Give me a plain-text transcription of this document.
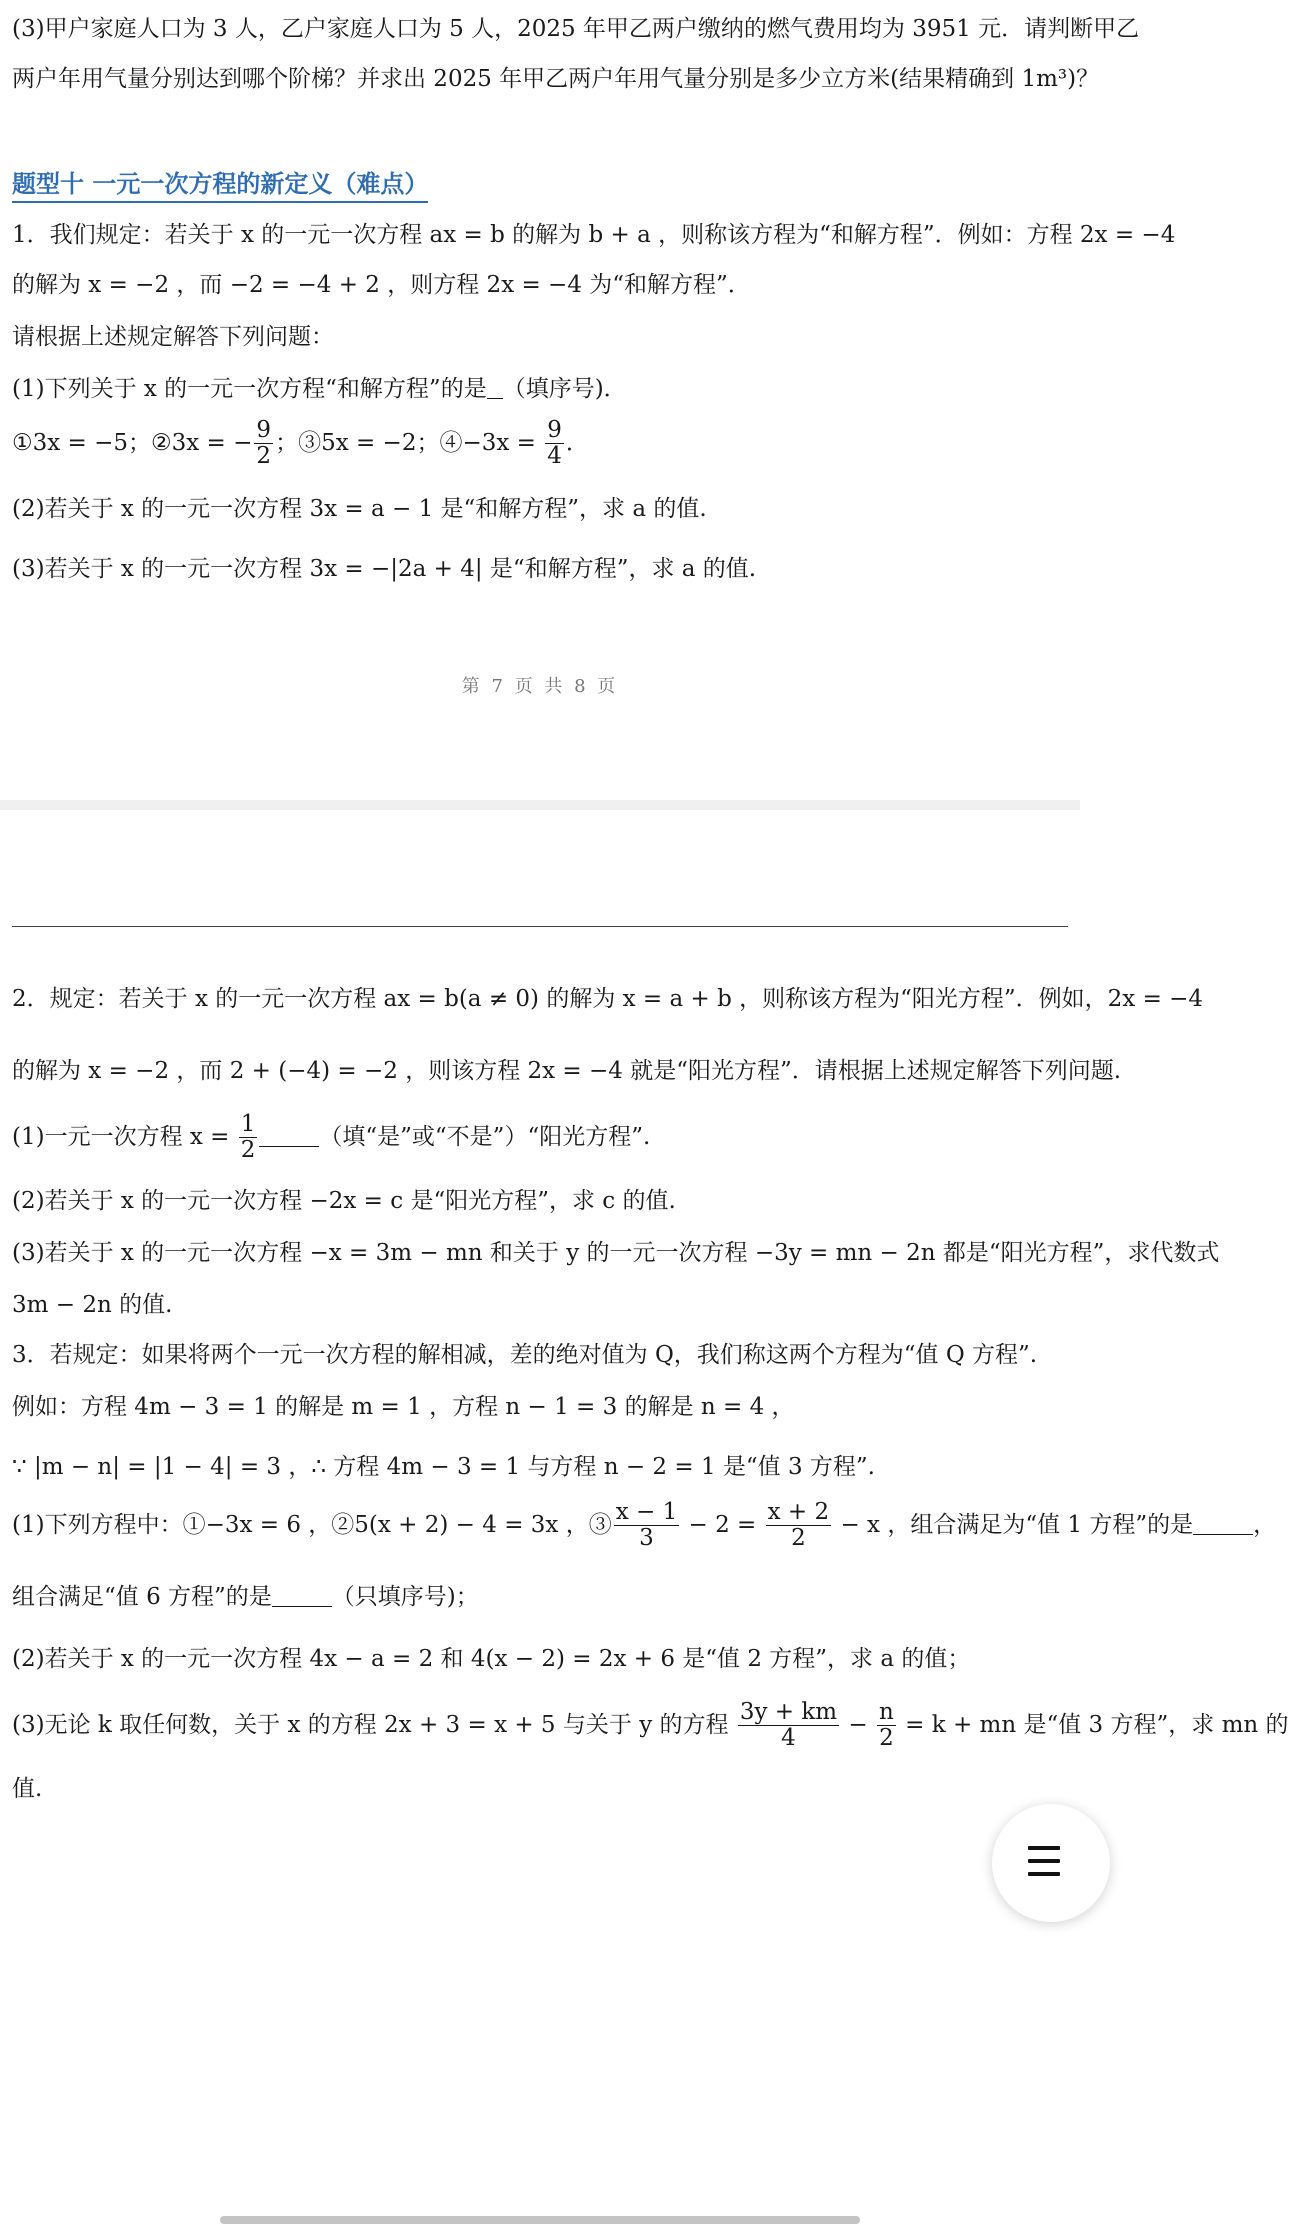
(3)甲户家庭人口为 3 人，乙户家庭人口为 5 人，2025 年甲乙两户缴纳的燃气费用均为 3951 元．请判断甲乙
两户年用气量分别达到哪个阶梯？并求出 2025 年甲乙两户年用气量分别是多少立方米(结果精确到 1m³)？
题型十 一元一次方程的新定义（难点）
1．我们规定：若关于 x 的一元一次方程 ax = b 的解为 b + a ，则称该方程为“和解方程”．例如：方程 2x = −4
的解为 x = −2 ，而 −2 = −4 + 2 ，则方程 2x = −4 为“和解方程”．
请根据上述规定解答下列问题：
(1)下列关于 x 的一元一次方程“和解方程”的是 （填序号)．
①3x = −5；②3x = − $\frac{9}{2}$ ；③5x = −2；④−3x = $\frac{9}{4}$ ．
(2)若关于 x 的一元一次方程 3x = a − 1 是“和解方程”，求 a 的值.
(3)若关于 x 的一元一次方程 3x = −|2a + 4| 是“和解方程”，求 a 的值.
第 7 页 共 8 页
2．规定：若关于 x 的一元一次方程 ax = b(a ≠ 0) 的解为 x = a + b ，则称该方程为“阳光方程”．例如，2x = −4
的解为 x = −2 ，而 2 + (−4) = −2 ，则该方程 2x = −4 就是“阳光方程”．请根据上述规定解答下列问题.
(1)一元一次方程 $x = \frac{1}{2}$	（填“是”或“不是”）“阳光方程”.
(2)若关于 x 的一元一次方程 −2x = c 是“阳光方程”，求 c 的值.
(3)若关于 x 的一元一次方程 −x = 3m − mn 和关于 y 的一元一次方程 −3y = mn − 2n 都是“阳光方程”，求代数式
3m − 2n 的值.
3．若规定：如果将两个一元一次方程的解相减，差的绝对值为 Q，我们称这两个方程为“值 Q 方程”.
例如：方程 4m − 3 = 1 的解是 m = 1 ，方程 n − 1 = 3 的解是 n = 4 ，
∵ |m − n| = |1 − 4| = 3 ，∴ 方程 4m − 3 = 1 与方程 n − 2 = 1 是“值 3 方程”.
(1)下列方程中：①−3x = 6 ，②5(x + 2) − 4 = 3x ，③ $\frac{x - 1}{3} - 2 = \frac{x + 2}{2} - x$ ，组合满足为“值 1 方程”的是	，
组合满足“值 6 方程”的是	（只填序号)；
(2)若关于 x 的一元一次方程 4x − a = 2 和 4(x − 2) = 2x + 6 是“值 2 方程”，求 a 的值；
(3)无论 k 取任何数，关于 x 的方程 2x + 3 = x + 5 与关于 y 的方程 $\frac{3y + km}{4} - \frac{n}{2} = k$ + mn 是“值 3 方程”，求 mn 的
值.
